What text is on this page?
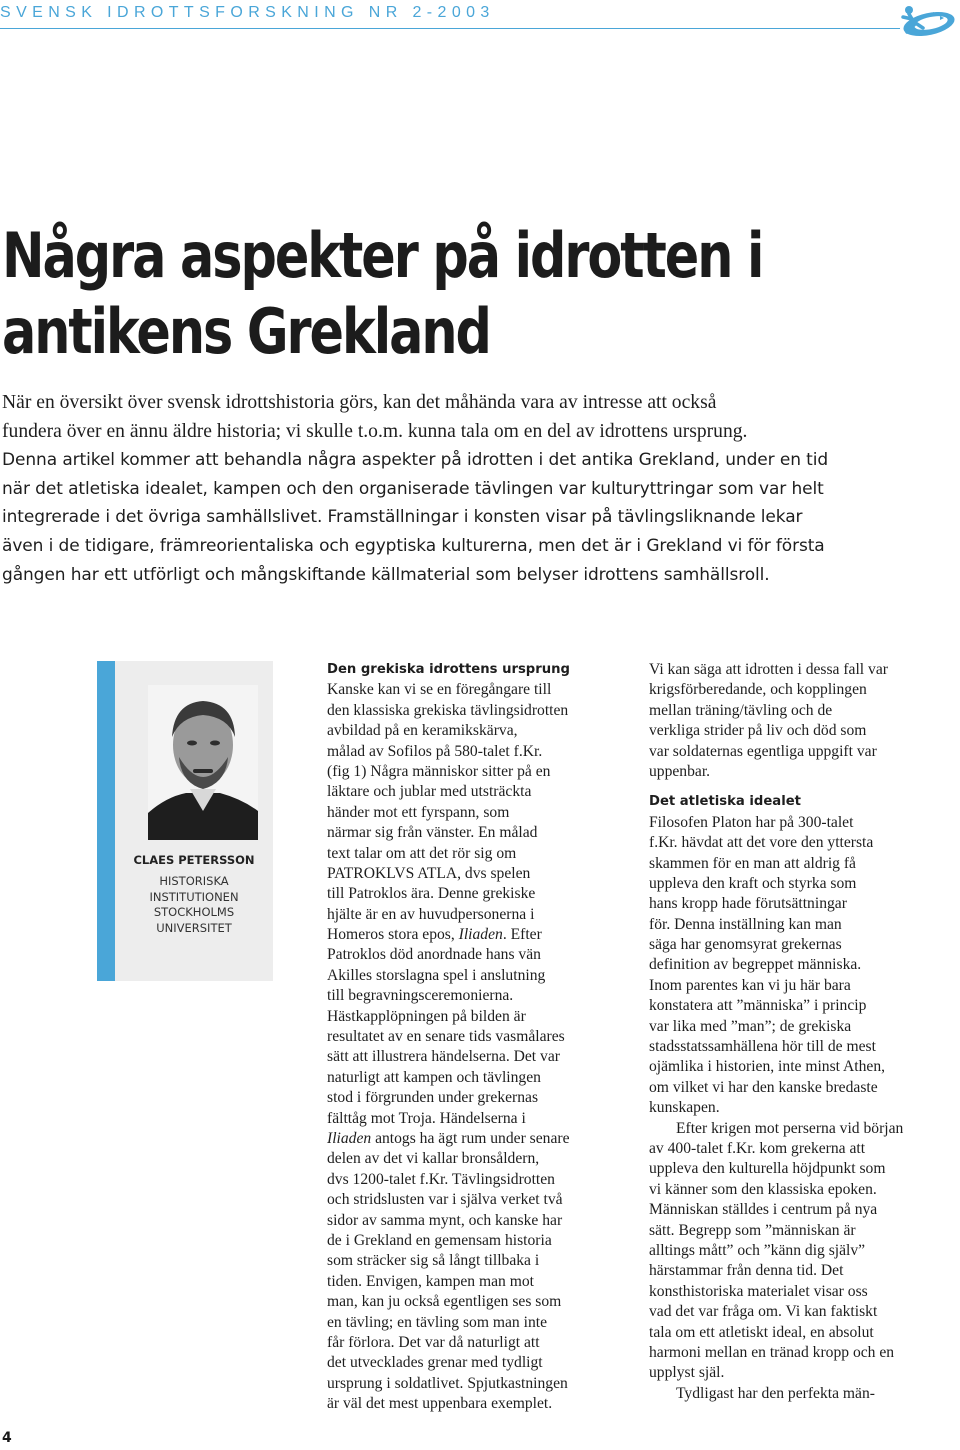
SVENSK IDROTTSFORSKNING NR 2-2003
Några aspekter på idrotten i
antikens Grekland
När en översikt över svensk idrottshistoria görs, kan det måhända vara av intresse att också
fundera över en ännu äldre historia; vi skulle t.o.m. kunna tala om en del av idrottens ursprung.
Denna artikel kommer att behandla några aspekter på idrotten i det antika Grekland, under en tid
när det atletiska idealet, kampen och den organiserade tävlingen var kulturyttringar som var helt
integrerade i det övriga samhällslivet. Framställningar i konsten visar på tävlingsliknande lekar
även i de tidigare, främreorientaliska och egyptiska kulturerna, men det är i Grekland vi för första
gången har ett utförligt och mångskiftande källmaterial som belyser idrottens samhällsroll.
CLAES PETERSSON
HISTORISKA
INSTITUTIONEN
STOCKHOLMS
UNIVERSITET
Den grekiska idrottens ursprung
Kanske kan vi se en föregångare till
den klassiska grekiska tävlingsidrotten
avbildad på en keramikskärva,
målad av Sofilos på 580-talet f.Kr.
(fig 1) Några människor sitter på en
läktare och jublar med utsträckta
händer mot ett fyrspann, som
närmar sig från vänster. En målad
text talar om att det rör sig om
PATROKLVS ATLA, dvs spelen
till Patroklos ära. Denne grekiske
hjälte är en av huvudpersonerna i
Homeros stora epos, Iliaden. Efter
Patroklos död anordnade hans vän
Akilles storslagna spel i anslutning
till begravningsceremonierna.
Hästkapplöpningen på bilden är
resultatet av en senare tids vasmålares
sätt att illustrera händelserna. Det var
naturligt att kampen och tävlingen
stod i förgrunden under grekernas
fälttåg mot Troja. Händelserna i
Iliaden antogs ha ägt rum under senare
delen av det vi kallar bronsåldern,
dvs 1200-talet f.Kr. Tävlingsidrotten
och stridslusten var i själva verket två
sidor av samma mynt, och kanske har
de i Grekland en gemensam historia
som sträcker sig så långt tillbaka i
tiden. Envigen, kampen man mot
man, kan ju också egentligen ses som
en tävling; en tävling som man inte
får förlora. Det var då naturligt att
det utvecklades grenar med tydligt
ursprung i soldatlivet. Spjutkastningen
är väl det mest uppenbara exemplet.
Vi kan säga att idrotten i dessa fall var
krigsförberedande, och kopplingen
mellan träning/tävling och de
verkliga strider på liv och död som
var soldaternas egentliga uppgift var
uppenbar.
Det atletiska idealet
Filosofen Platon har på 300-talet
f.Kr. hävdat att det vore den yttersta
skammen för en man att aldrig få
uppleva den kraft och styrka som
hans kropp hade förutsättningar
för. Denna inställning kan man
säga har genomsyrat grekernas
definition av begreppet människa.
Inom parentes kan vi ju här bara
konstatera att ”människa” i princip
var lika med ”man”; de grekiska
stadsstatssamhällena hör till de mest
ojämlika i historien, inte minst Athen,
om vilket vi har den kanske bredaste
kunskapen.
Efter krigen mot perserna vid början
av 400-talet f.Kr. kom grekerna att
uppleva den kulturella höjdpunkt som
vi känner som den klassiska epoken.
Människan ställdes i centrum på nya
sätt. Begrepp som ”människan är
alltings mått” och ”känn dig själv”
härstammar från denna tid. Det
konsthistoriska materialet visar oss
vad det var fråga om. Vi kan faktiskt
tala om ett atletiskt ideal, en absolut
harmoni mellan en tränad kropp och en
upplyst själ.
Tydligast har den perfekta män-
4
